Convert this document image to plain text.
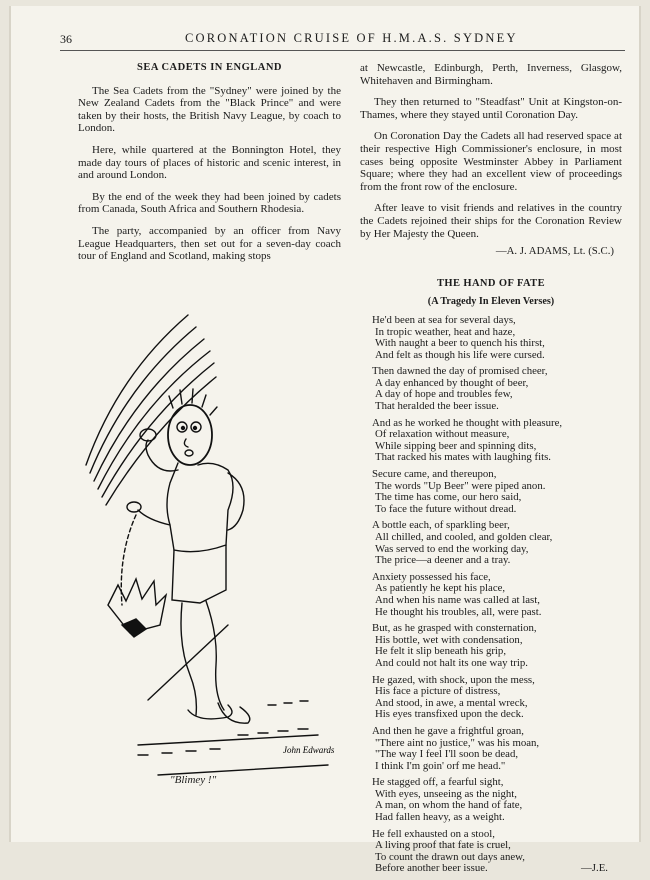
36	CORONATION CRUISE OF H.M.A.S. SYDNEY
SEA CADETS IN ENGLAND

The Sea Cadets from the "Sydney" were joined by the New Zealand Cadets from the "Black Prince" and were taken by their hosts, the British Navy League, by coach to London.

Here, while quartered at the Bonnington Hotel, they made day tours of places of historic and scenic interest, in and around London.

By the end of the week they had been joined by cadets from Canada, South Africa and Southern Rhodesia.

The party, accompanied by an officer from Navy League Headquarters, then set out for a seven-day coach tour of England and Scotland, making stops

John Edwards
"Blimey !"

at Newcastle, Edinburgh, Perth, Inverness, Glasgow, Whitehaven and Birmingham.

They then returned to "Steadfast" Unit at Kingston-on-Thames, where they stayed until Coronation Day.

On Coronation Day the Cadets all had reserved space at their respective High Commissioner's enclosure, in most cases being opposite Westminster Abbey in Parliament Square; where they had an excellent view of proceedings from the front row of the enclosure.

After leave to visit friends and relatives in the country the Cadets rejoined their ships for the Coronation Review by Her Majesty the Queen.

—A. J. ADAMS, Lt. (S.C.)
THE HAND OF FATE
(A Tragedy In Eleven Verses)
He'd been at sea for several days,
In tropic weather, heat and haze,
With naught a beer to quench his thirst,
And felt as though his life were cursed.
Then dawned the day of promised cheer,
A day enhanced by thought of beer,
A day of hope and troubles few,
That heralded the beer issue.
And as he worked he thought with pleasure,
Of relaxation without measure,
While sipping beer and spinning dits,
That racked his mates with laughing fits.
Secure came, and thereupon,
The words "Up Beer" were piped anon.
The time has come, our hero said,
To face the future without dread.
A bottle each, of sparkling beer,
All chilled, and cooled, and golden clear,
Was served to end the working day,
The price—a deener and a tray.
Anxiety possessed his face,
As patiently he kept his place,
And when his name was called at last,
He thought his troubles, all, were past.
But, as he grasped with consternation,
His bottle, wet with condensation,
He felt it slip beneath his grip,
And could not halt its one way trip.
He gazed, with shock, upon the mess,
His face a picture of distress,
And stood, in awe, a mental wreck,
His eyes transfixed upon the deck.
And then he gave a frightful groan,
"There aint no justice," was his moan,
"The way I feel I'll soon be dead,
I think I'm goin' orf me head."
He stagged off, a fearful sight,
With eyes, unseeing as the night,
A man, on whom the hand of fate,
Had fallen heavy, as a weight.
He fell exhausted on a stool,
A living proof that fate is cruel,
To count the drawn out days anew,
Before another beer issue.	—J.E.
